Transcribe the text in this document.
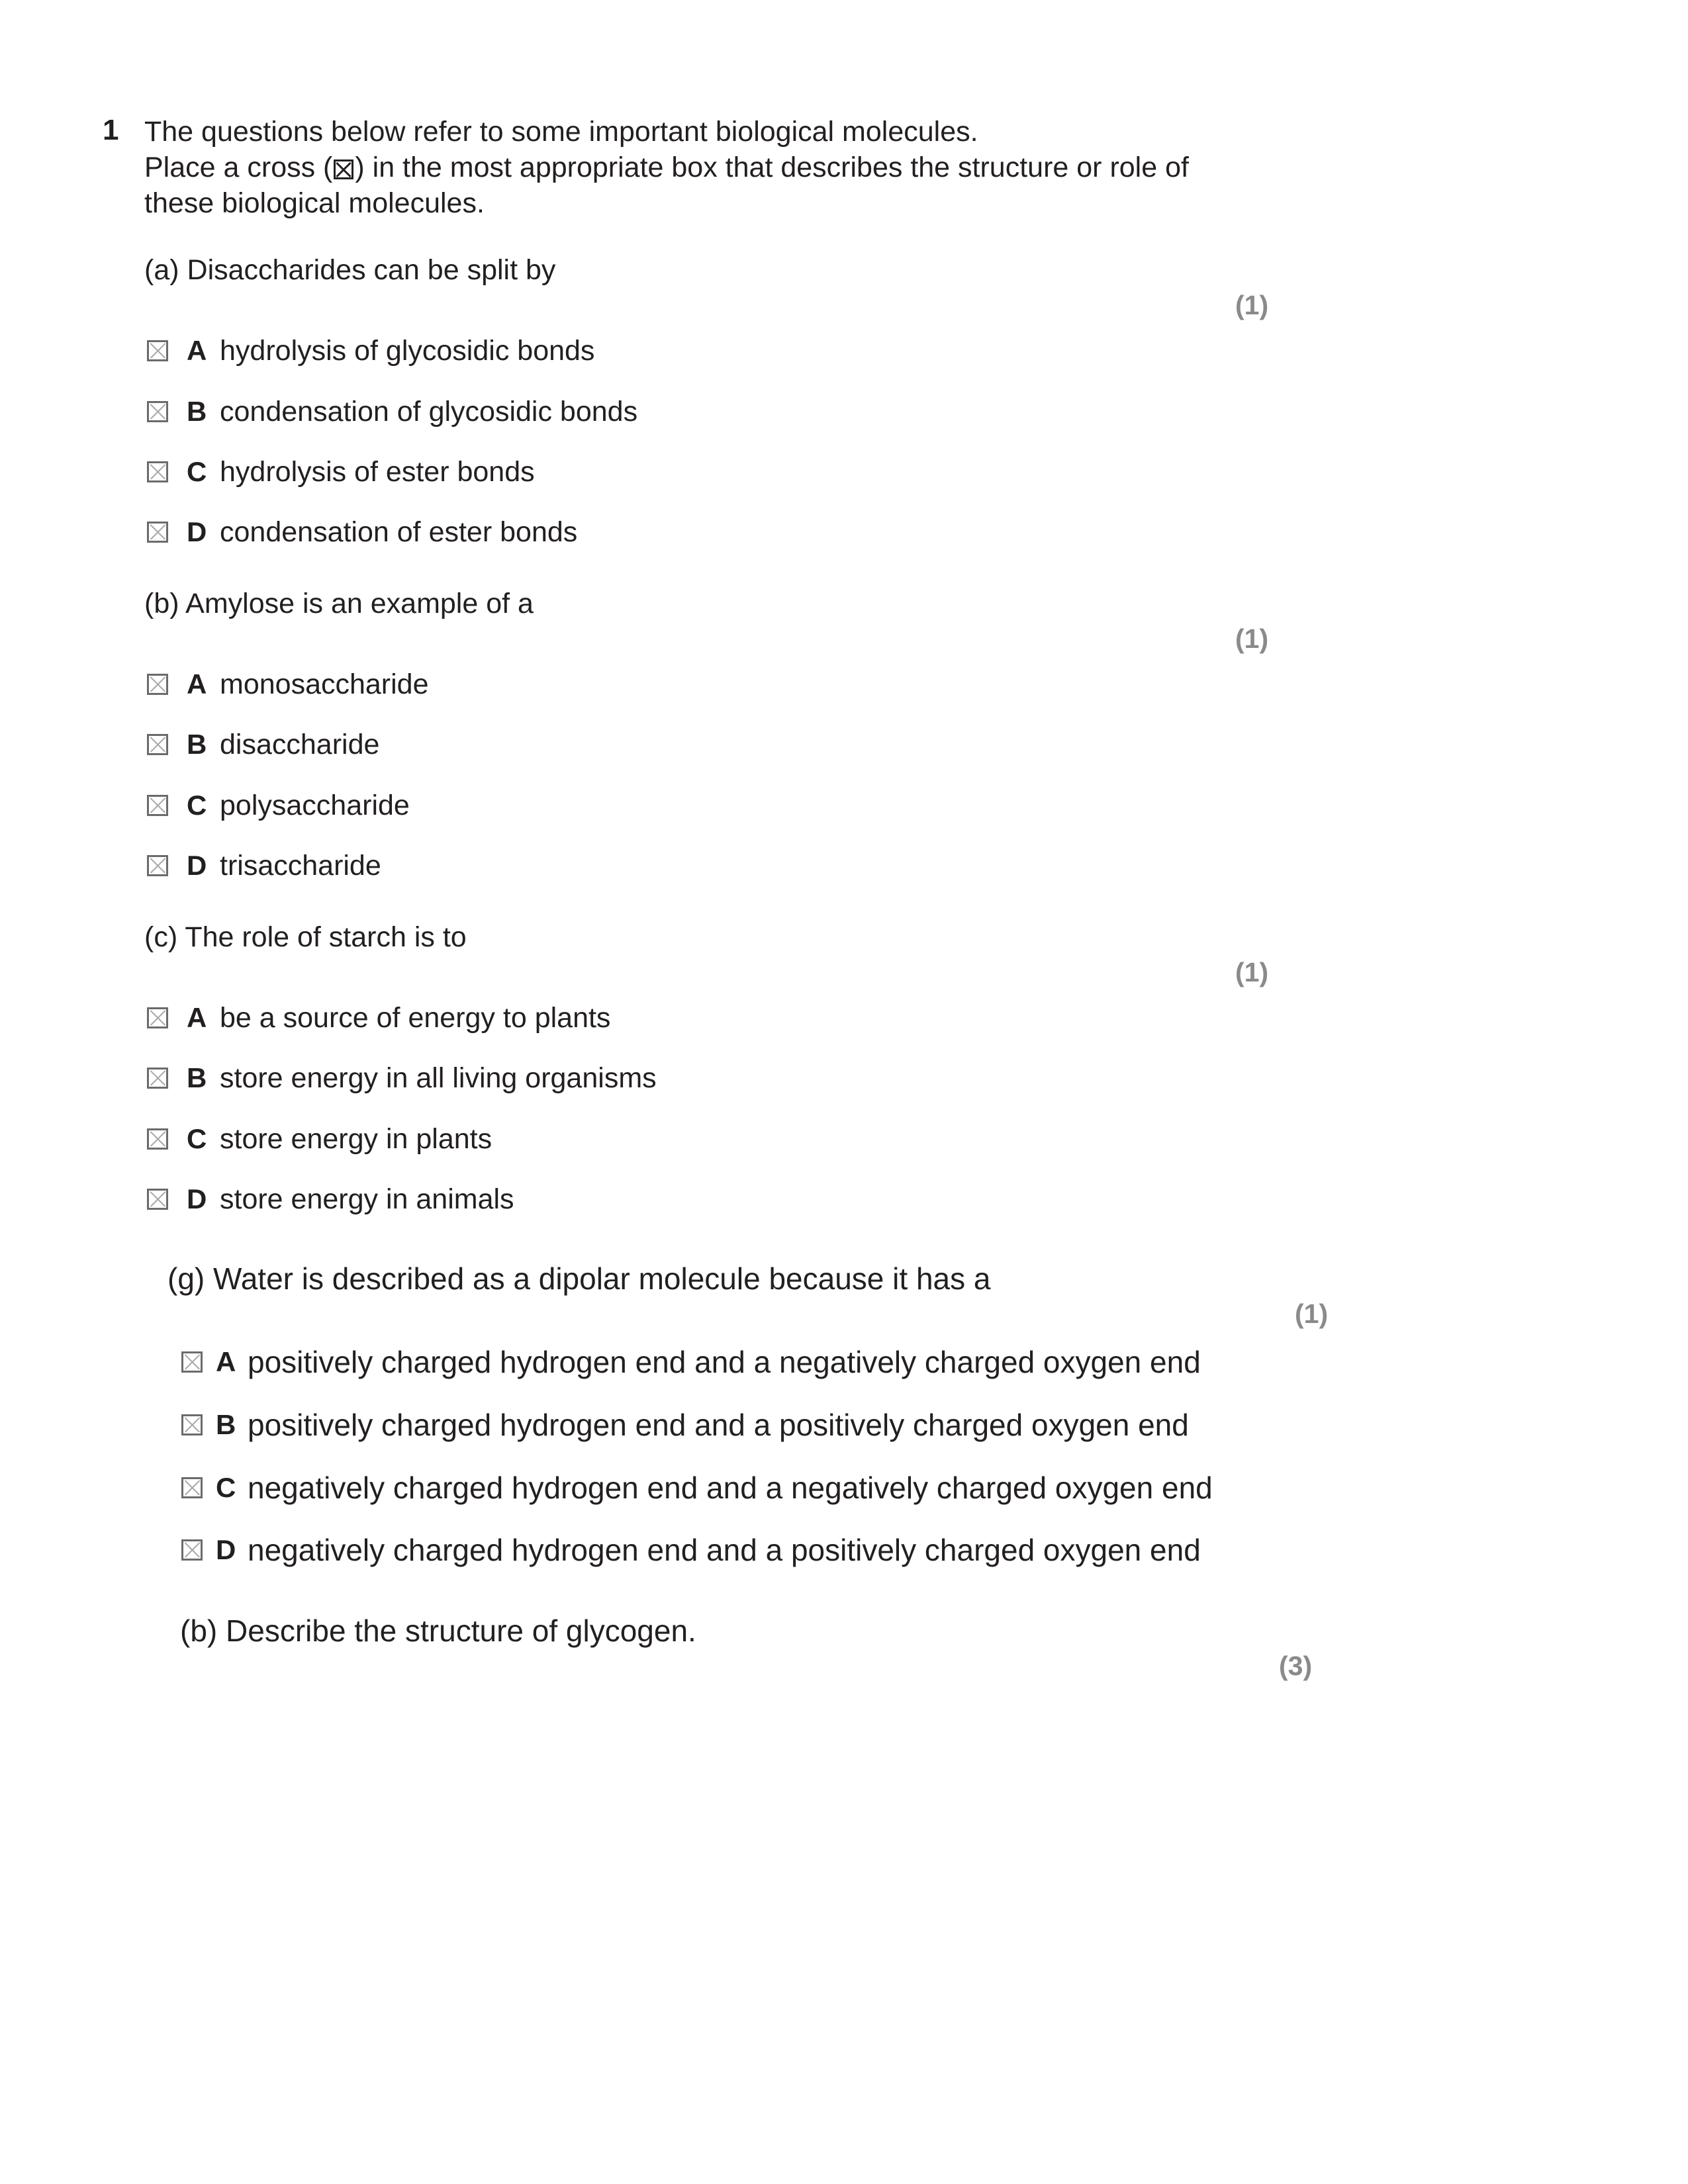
1 The questions below refer to some important biological molecules.
Place a cross ( ☒ ) in the most appropriate box that describes the structure or role of
these biological molecules.
(a) Disaccharides can be split by
(1)
A hydrolysis of glycosidic bonds
B condensation of glycosidic bonds
C hydrolysis of ester bonds
D condensation of ester bonds
(b) Amylose is an example of a
(1)
A monosaccharide
B disaccharide
C polysaccharide
D trisaccharide
(c) The role of starch is to
(1)
A be a source of energy to plants
B store energy in all living organisms
C store energy in plants
D store energy in animals
(g) Water is described as a dipolar molecule because it has a
(1)
A positively charged hydrogen end and a negatively charged oxygen end
B positively charged hydrogen end and a positively charged oxygen end
C negatively charged hydrogen end and a negatively charged oxygen end
D negatively charged hydrogen end and a positively charged oxygen end
(b) Describe the structure of glycogen.
(3)
